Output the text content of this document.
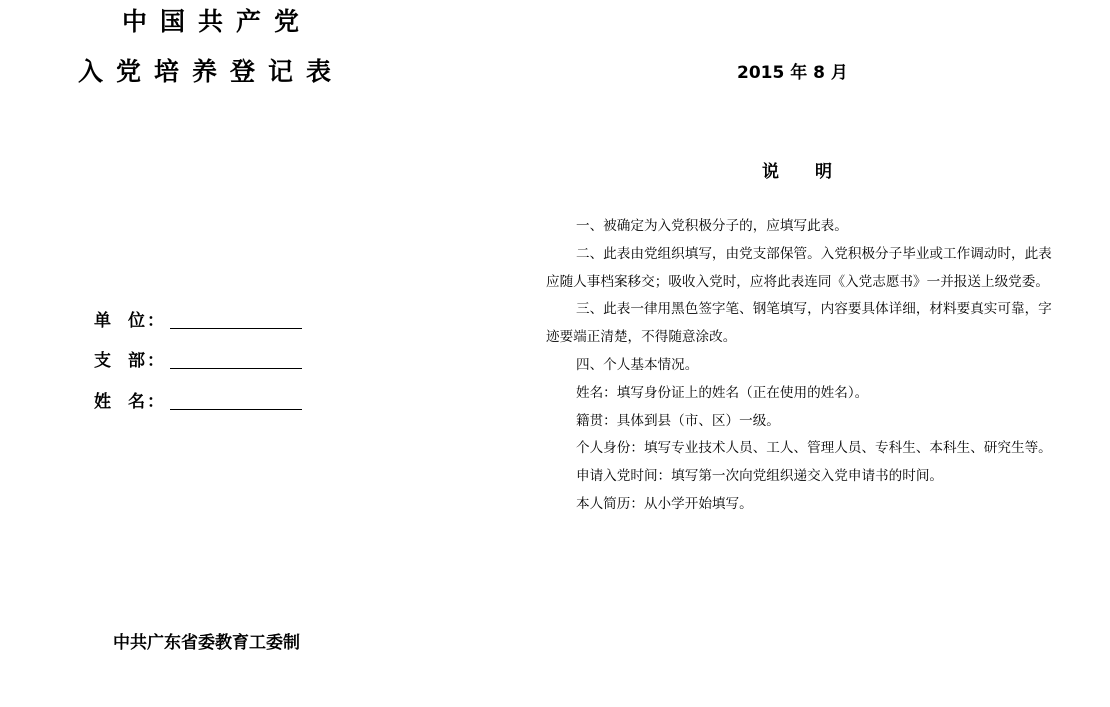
中国共产党
入党培养登记表	2015 年 8 月
单　位 ：
支　部 ：
姓　名 ：
中共广东省委教育工委制
说明

一、被确定为入党积极分子的，应填写此表。

二、此表由党组织填写，由党支部保管。入党积极分子毕业或工作调动时，此表应随人事档案移交；吸收入党时，应将此表连同《入党志愿书》一并报送上级党委。

三、此表一律用黑色签字笔、钢笔填写，内容要具体详细，材料要真实可靠，字迹要端正清楚，不得随意涂改。

四、个人基本情况。

姓名：填写身份证上的姓名（正在使用的姓名）。

籍贯：具体到县（市、区）一级。

个人身份：填写专业技术人员、工人、管理人员、专科生、本科生、研究生等。

申请入党时间：填写第一次向党组织递交入党申请书的时间。

本人简历：从小学开始填写。
